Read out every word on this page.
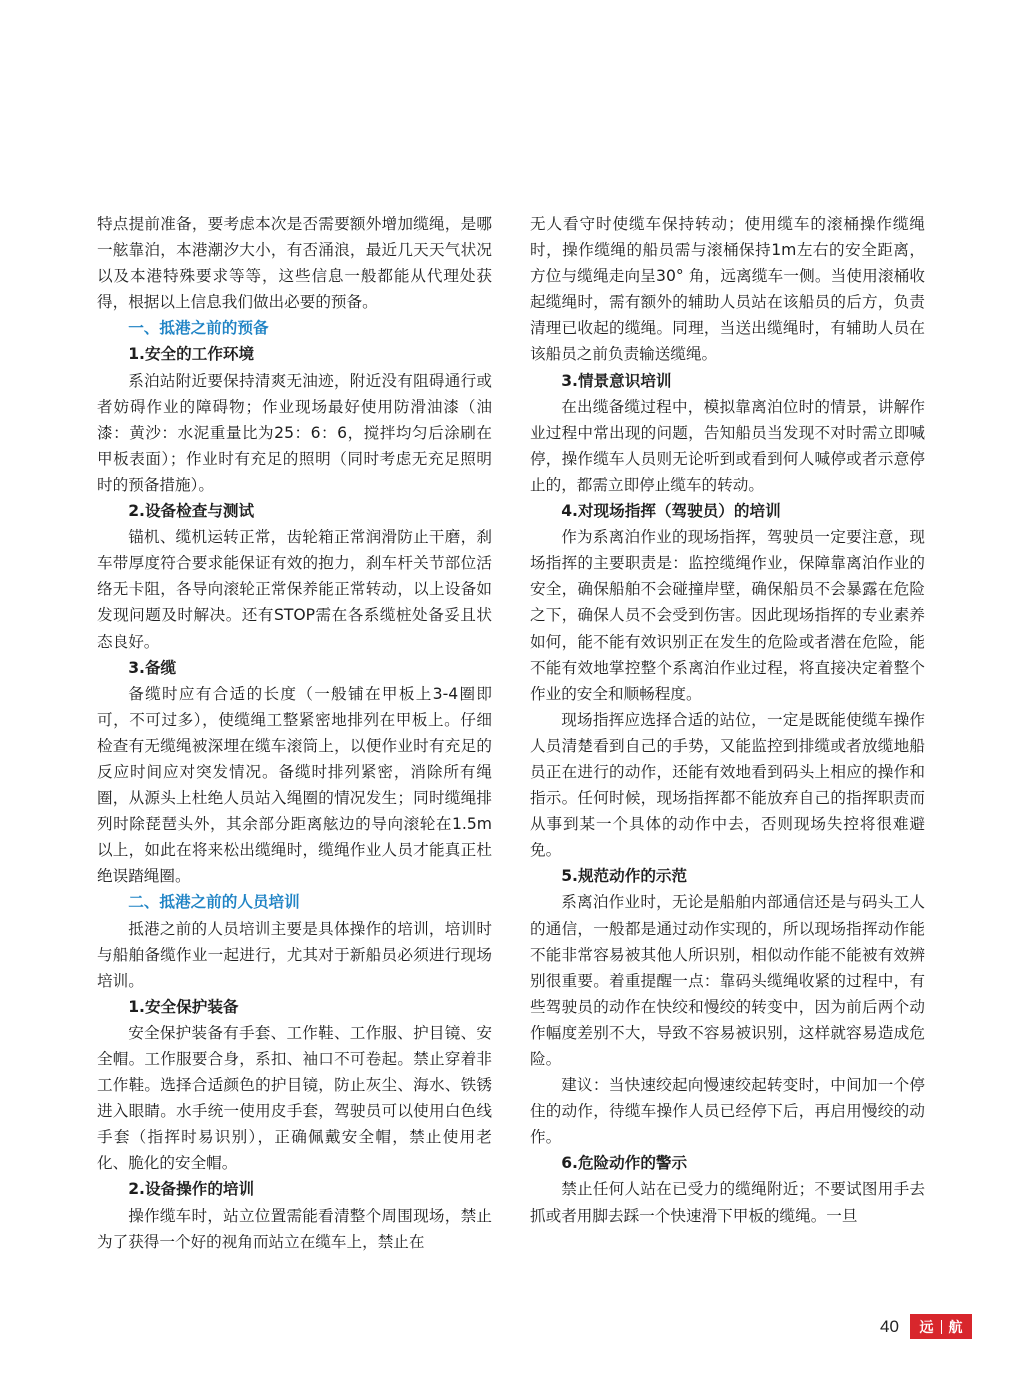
特点提前准备，要考虑本次是否需要额外增加缆绳，是哪一舷靠泊，本港潮汐大小，有否涌浪，最近几天天气状况以及本港特殊要求等等，这些信息一般都能从代理处获得，根据以上信息我们做出必要的预备。

一、抵港之前的预备

1.安全的工作环境

系泊站附近要保持清爽无油迹，附近没有阻碍通行或者妨碍作业的障碍物；作业现场最好使用防滑油漆（油漆：黄沙：水泥重量比为25：6：6，搅拌均匀后涂刷在甲板表面）；作业时有充足的照明（同时考虑无充足照明时的预备措施）。

2.设备检查与测试

锚机、缆机运转正常，齿轮箱正常润滑防止干磨，刹车带厚度符合要求能保证有效的抱力，刹车杆关节部位活络无卡阻，各导向滚轮正常保养能正常转动，以上设备如发现问题及时解决。还有STOP需在各系缆桩处备妥且状态良好。

3.备缆

备缆时应有合适的长度（一般铺在甲板上3-4圈即可，不可过多），使缆绳工整紧密地排列在甲板上。仔细检查有无缆绳被深埋在缆车滚筒上，以便作业时有充足的反应时间应对突发情况。备缆时排列紧密，消除所有绳圈，从源头上杜绝人员站入绳圈的情况发生；同时缆绳排列时除琵琶头外，其余部分距离舷边的导向滚轮在1.5m以上，如此在将来松出缆绳时，缆绳作业人员才能真正杜绝误踏绳圈。

二、抵港之前的人员培训

抵港之前的人员培训主要是具体操作的培训，培训时与船舶备缆作业一起进行，尤其对于新船员必须进行现场培训。

1.安全保护装备

安全保护装备有手套、工作鞋、工作服、护目镜、安全帽。工作服要合身，系扣、袖口不可卷起。禁止穿着非工作鞋。选择合适颜色的护目镜，防止灰尘、海水、铁锈进入眼睛。水手统一使用皮手套，驾驶员可以使用白色线手套（指挥时易识别），正确佩戴安全帽，禁止使用老化、脆化的安全帽。

2.设备操作的培训

操作缆车时，站立位置需能看清整个周围现场，禁止为了获得一个好的视角而站立在缆车上，禁止在

无人看守时使缆车保持转动；使用缆车的滚桶操作缆绳时，操作缆绳的船员需与滚桶保持1m左右的安全距离，方位与缆绳走向呈30° 角，远离缆车一侧。当使用滚桶收起缆绳时，需有额外的辅助人员站在该船员的后方，负责清理已收起的缆绳。同理，当送出缆绳时，有辅助人员在该船员之前负责输送缆绳。

3.情景意识培训

在出缆备缆过程中，模拟靠离泊位时的情景，讲解作业过程中常出现的问题，告知船员当发现不对时需立即喊停，操作缆车人员则无论听到或看到何人喊停或者示意停止的，都需立即停止缆车的转动。

4.对现场指挥（驾驶员）的培训

作为系离泊作业的现场指挥，驾驶员一定要注意，现场指挥的主要职责是：监控缆绳作业，保障靠离泊作业的安全，确保船舶不会碰撞岸壁，确保船员不会暴露在危险之下，确保人员不会受到伤害。因此现场指挥的专业素养如何，能不能有效识别正在发生的危险或者潜在危险，能不能有效地掌控整个系离泊作业过程，将直接决定着整个作业的安全和顺畅程度。

现场指挥应选择合适的站位，一定是既能使缆车操作人员清楚看到自己的手势，又能监控到排缆或者放缆地船员正在进行的动作，还能有效地看到码头上相应的操作和指示。任何时候，现场指挥都不能放弃自己的指挥职责而从事到某一个具体的动作中去，否则现场失控将很难避免。

5.规范动作的示范

系离泊作业时，无论是船舶内部通信还是与码头工人的通信，一般都是通过动作实现的，所以现场指挥动作能不能非常容易被其他人所识别，相似动作能不能被有效辨别很重要。着重提醒一点：靠码头缆绳收紧的过程中，有些驾驶员的动作在快绞和慢绞的转变中，因为前后两个动作幅度差别不大，导致不容易被识别，这样就容易造成危险。

建议：当快速绞起向慢速绞起转变时，中间加一个停住的动作，待缆车操作人员已经停下后，再启用慢绞的动作。

6.危险动作的警示

禁止任何人站在已受力的缆绳附近；不要试图用手去抓或者用脚去踩一个快速滑下甲板的缆绳。一旦

40	远 航
